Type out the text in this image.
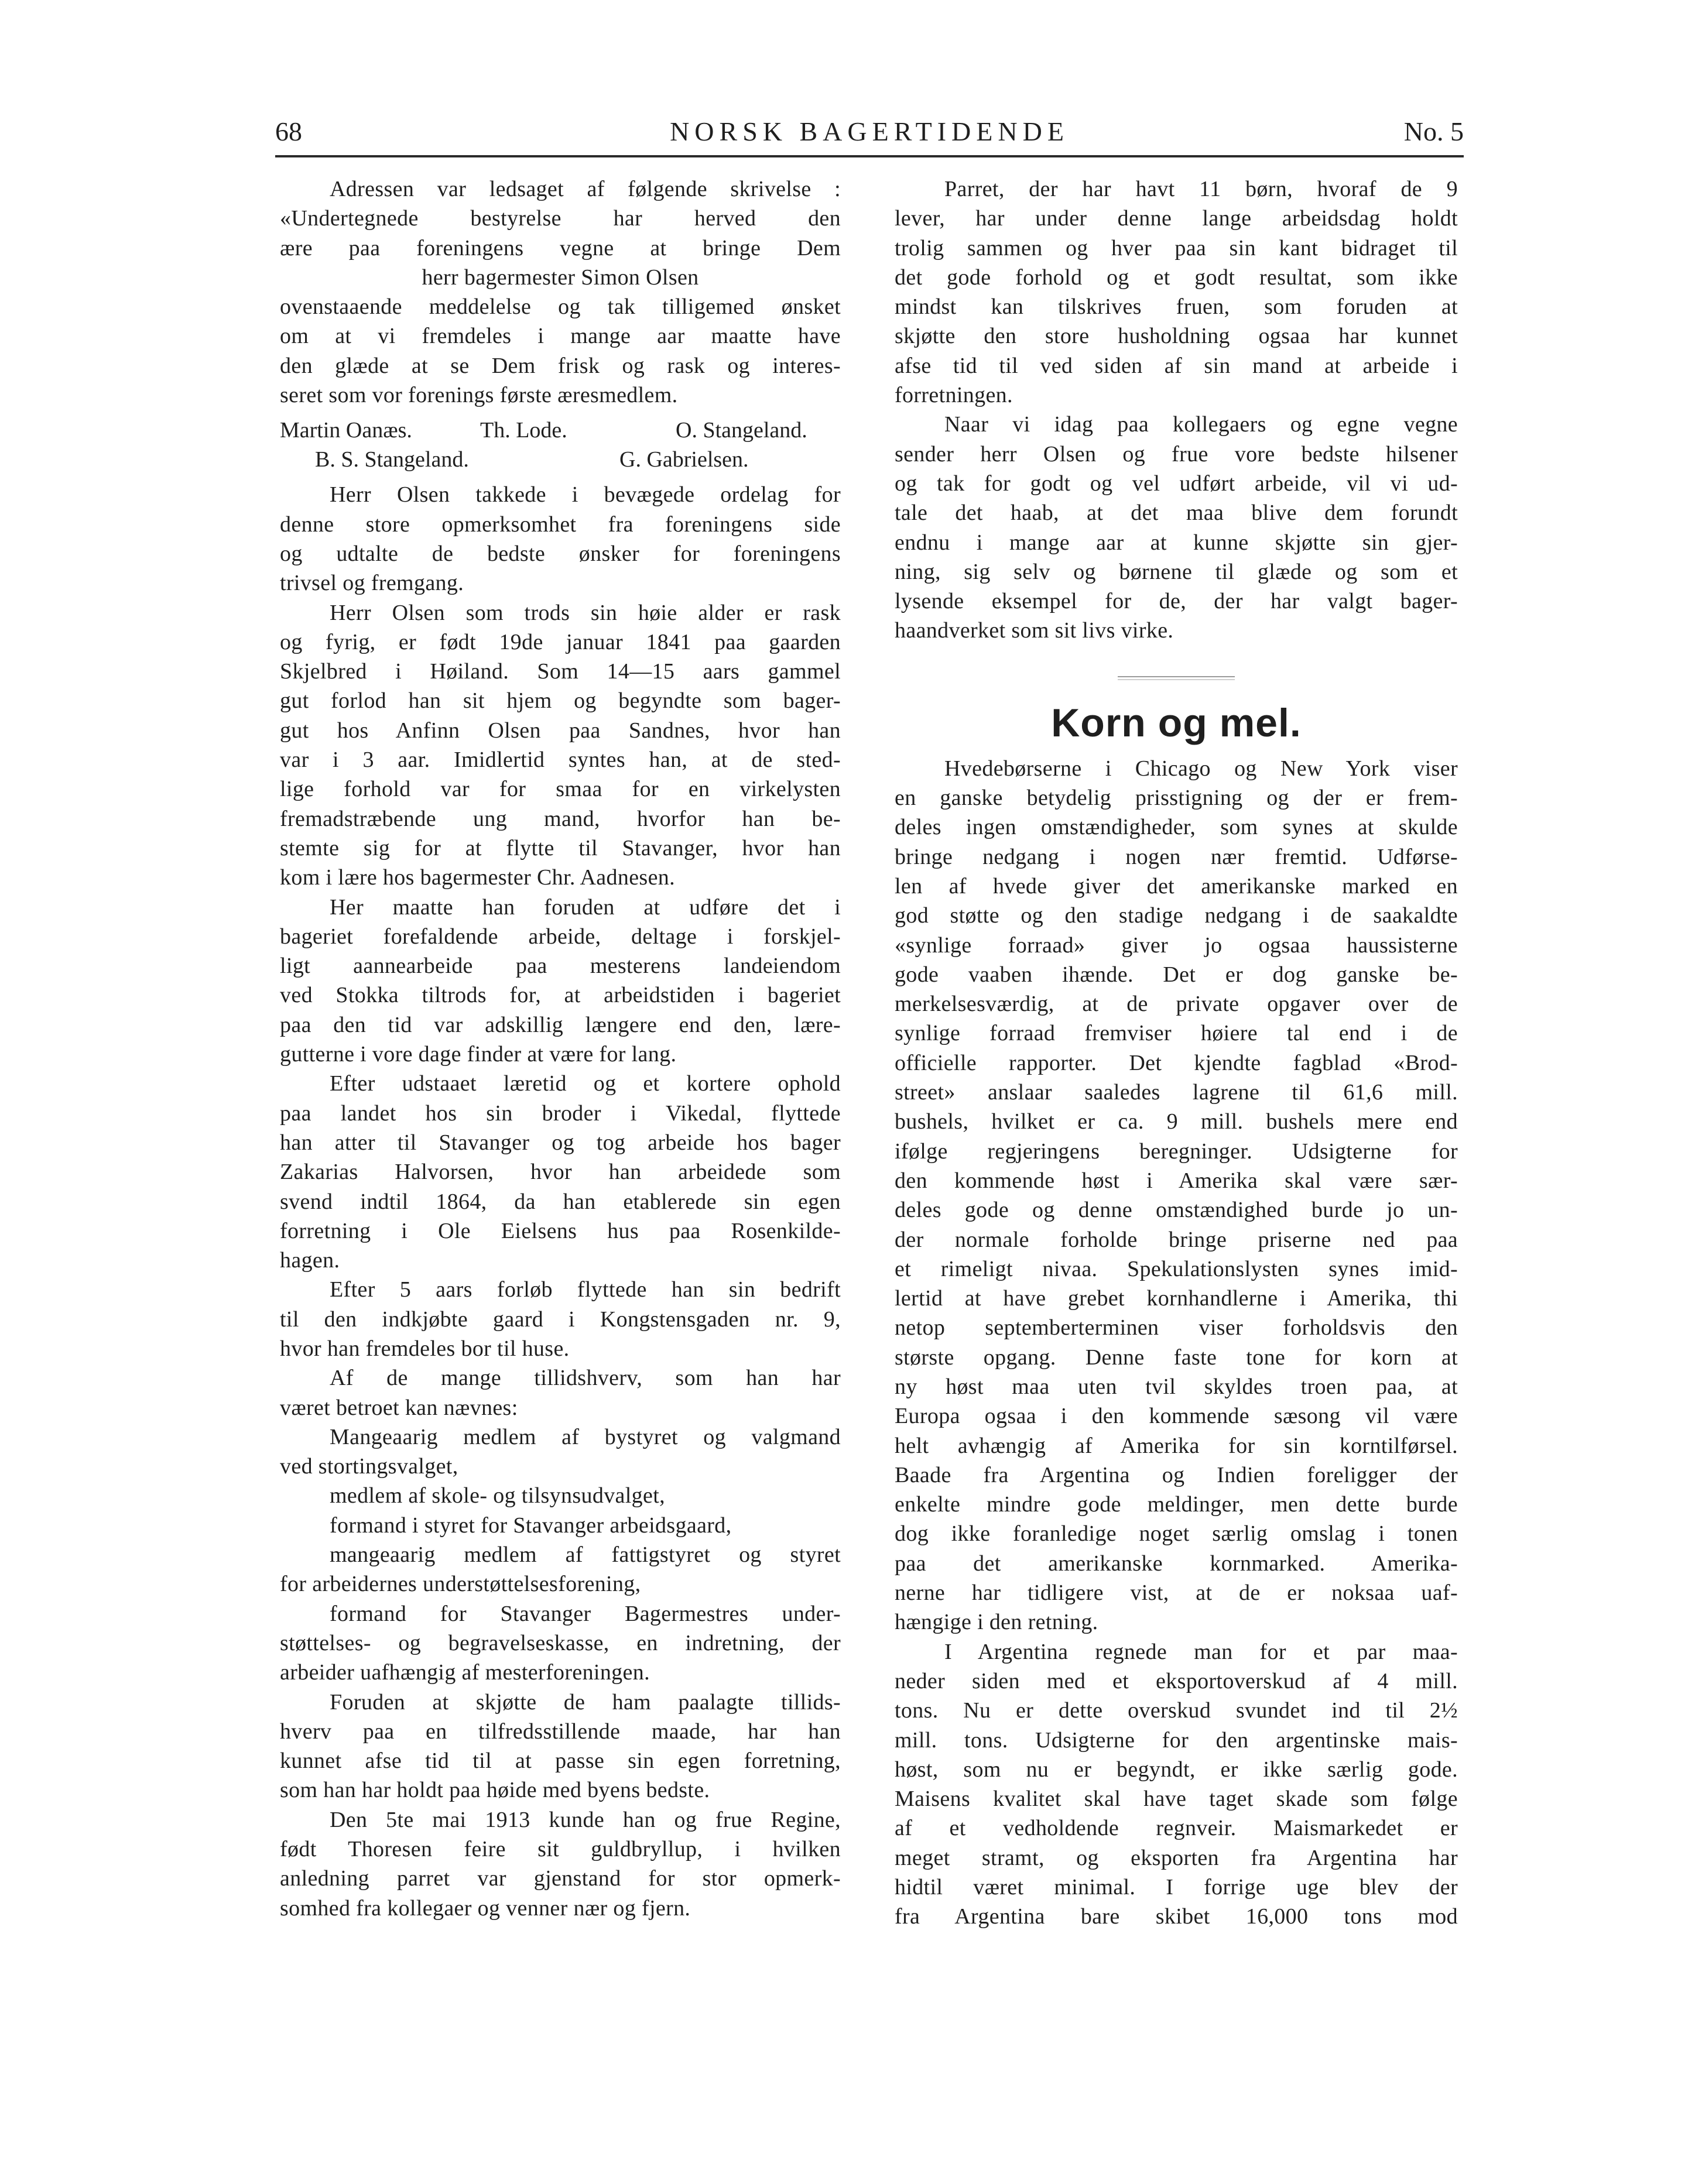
68	NORSK BAGERTIDENDE	No. 5
Adressen var ledsaget af følgende skrivelse :
«Undertegnede bestyrelse har herved den
ære paa foreningens vegne at bringe Dem
herr bagermester Simon Olsen
ovenstaaende meddelelse og tak tilligemed ønsket
om at vi fremdeles i mange aar maatte have
den glæde at se Dem frisk og rask og interes-
seret som vor forenings første æresmedlem.
Martin Oanæs.	Th. Lode.	O. Stangeland.
B. S. Stangeland.	G. Gabrielsen.
Herr Olsen takkede i bevægede ordelag for
denne store opmerksomhet fra foreningens side
og udtalte de bedste ønsker for foreningens
trivsel og fremgang.
Herr Olsen som trods sin høie alder er rask
og fyrig, er født 19de januar 1841 paa gaarden
Skjelbred i Høiland. Som 14—15 aars gammel
gut forlod han sit hjem og begyndte som bager-
gut hos Anfinn Olsen paa Sandnes, hvor han
var i 3 aar. Imidlertid syntes han, at de sted-
lige forhold var for smaa for en virkelysten
fremadstræbende ung mand, hvorfor han be-
stemte sig for at flytte til Stavanger, hvor han
kom i lære hos bagermester Chr. Aadnesen.
Her maatte han foruden at udføre det i
bageriet forefaldende arbeide, deltage i forskjel-
ligt aannearbeide paa mesterens landeiendom
ved Stokka tiltrods for, at arbeidstiden i bageriet
paa den tid var adskillig længere end den, lære-
gutterne i vore dage finder at være for lang.
Efter udstaaet læretid og et kortere ophold
paa landet hos sin broder i Vikedal, flyttede
han atter til Stavanger og tog arbeide hos bager
Zakarias Halvorsen, hvor han arbeidede som
svend indtil 1864, da han etablerede sin egen
forretning i Ole Eielsens hus paa Rosenkilde-
hagen.
Efter 5 aars forløb flyttede han sin bedrift
til den indkjøbte gaard i Kongstensgaden nr. 9,
hvor han fremdeles bor til huse.
Af de mange tillidshverv, som han har
været betroet kan nævnes:
Mangeaarig medlem af bystyret og valgmand
ved stortingsvalget,
medlem af skole- og tilsynsudvalget,
formand i styret for Stavanger arbeidsgaard,
mangeaarig medlem af fattigstyret og styret
for arbeidernes understøttelsesforening,
formand for Stavanger Bagermestres under-
støttelses- og begravelseskasse, en indretning, der
arbeider uafhængig af mesterforeningen.
Foruden at skjøtte de ham paalagte tillids-
hverv paa en tilfredsstillende maade, har han
kunnet afse tid til at passe sin egen forretning,
som han har holdt paa høide med byens bedste.
Den 5te mai 1913 kunde han og frue Regine,
født Thoresen feire sit guldbryllup, i hvilken
anledning parret var gjenstand for stor opmerk-
somhed fra kollegaer og venner nær og fjern.
Parret, der har havt 11 børn, hvoraf de 9
lever, har under denne lange arbeidsdag holdt
trolig sammen og hver paa sin kant bidraget til
det gode forhold og et godt resultat, som ikke
mindst kan tilskrives fruen, som foruden at
skjøtte den store husholdning ogsaa har kunnet
afse tid til ved siden af sin mand at arbeide i
forretningen.
Naar vi idag paa kollegaers og egne vegne
sender herr Olsen og frue vore bedste hilsener
og tak for godt og vel udført arbeide, vil vi ud-
tale det haab, at det maa blive dem forundt
endnu i mange aar at kunne skjøtte sin gjer-
ning, sig selv og børnene til glæde og som et
lysende eksempel for de, der har valgt bager-
haandverket som sit livs virke.
Korn og mel.
Hvedebørserne i Chicago og New York viser
en ganske betydelig prisstigning og der er frem-
deles ingen omstændigheder, som synes at skulde
bringe nedgang i nogen nær fremtid. Udførse-
len af hvede giver det amerikanske marked en
god støtte og den stadige nedgang i de saakaldte
«synlige forraad» giver jo ogsaa haussisterne
gode vaaben ihænde. Det er dog ganske be-
merkelsesværdig, at de private opgaver over de
synlige forraad fremviser høiere tal end i de
officielle rapporter. Det kjendte fagblad «Brod-
street» anslaar saaledes lagrene til 61,6 mill.
bushels, hvilket er ca. 9 mill. bushels mere end
ifølge regjeringens beregninger. Udsigterne for
den kommende høst i Amerika skal være sær-
deles gode og denne omstændighed burde jo un-
der normale forholde bringe priserne ned paa
et rimeligt nivaa. Spekulationslysten synes imid-
lertid at have grebet kornhandlerne i Amerika, thi
netop septemberterminen viser forholdsvis den
største opgang. Denne faste tone for korn at
ny høst maa uten tvil skyldes troen paa, at
Europa ogsaa i den kommende sæsong vil være
helt avhængig af Amerika for sin korntilførsel.
Baade fra Argentina og Indien foreligger der
enkelte mindre gode meldinger, men dette burde
dog ikke foranledige noget særlig omslag i tonen
paa det amerikanske kornmarked. Amerika-
nerne har tidligere vist, at de er noksaa uaf-
hængige i den retning.
I Argentina regnede man for et par maa-
neder siden med et eksportoverskud af 4 mill.
tons. Nu er dette overskud svundet ind til 2½
mill. tons. Udsigterne for den argentinske mais-
høst, som nu er begyndt, er ikke særlig gode.
Maisens kvalitet skal have taget skade som følge
af et vedholdende regnveir. Maismarkedet er
meget stramt, og eksporten fra Argentina har
hidtil været minimal. I forrige uge blev der
fra Argentina bare skibet 16,000 tons mod
